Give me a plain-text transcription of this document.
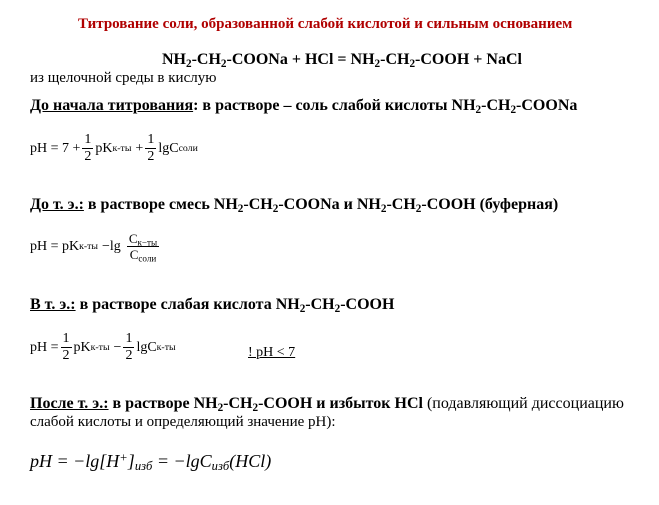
Титрование соли, образованной слабой кислотой и сильным основанием
$NH_2-CH_2$-COONa + HCl = $NH_2-CH_2$-COOH + NaCl
из щелочной среды в кислую
До начала титрования: в растворе – соль слабой кислоты $NH_2-CH_2$-COONa
pH = $7 + \frac{1}{2}$ pK $к-ты + \frac{1}{2}$ lgC соли
До т. э.: в растворе смесь $NH_2-CH_2$-COONa и $NH_2-CH_2$-COOH (буферная)
pH = pK $к-ты -\lg \frac{C_{к-ты}}{C_{соли}}$
В т. э.: в растворе слабая кислота $NH_2-CH_2$-COOH
pH = $\frac{1}{2}$ pK $к-ты - \frac{1}{2}$ lgC к-ты	! pH < 7
После т. э.: в растворе $NH_2-CH_2$-COOH и избыток HCl (подавляющий диссоциацию
слабой кислоты и определяющий значение pH):
pH = $-\lg[H^+]_{изб} = -\lg C_{изб}(HCl)$
